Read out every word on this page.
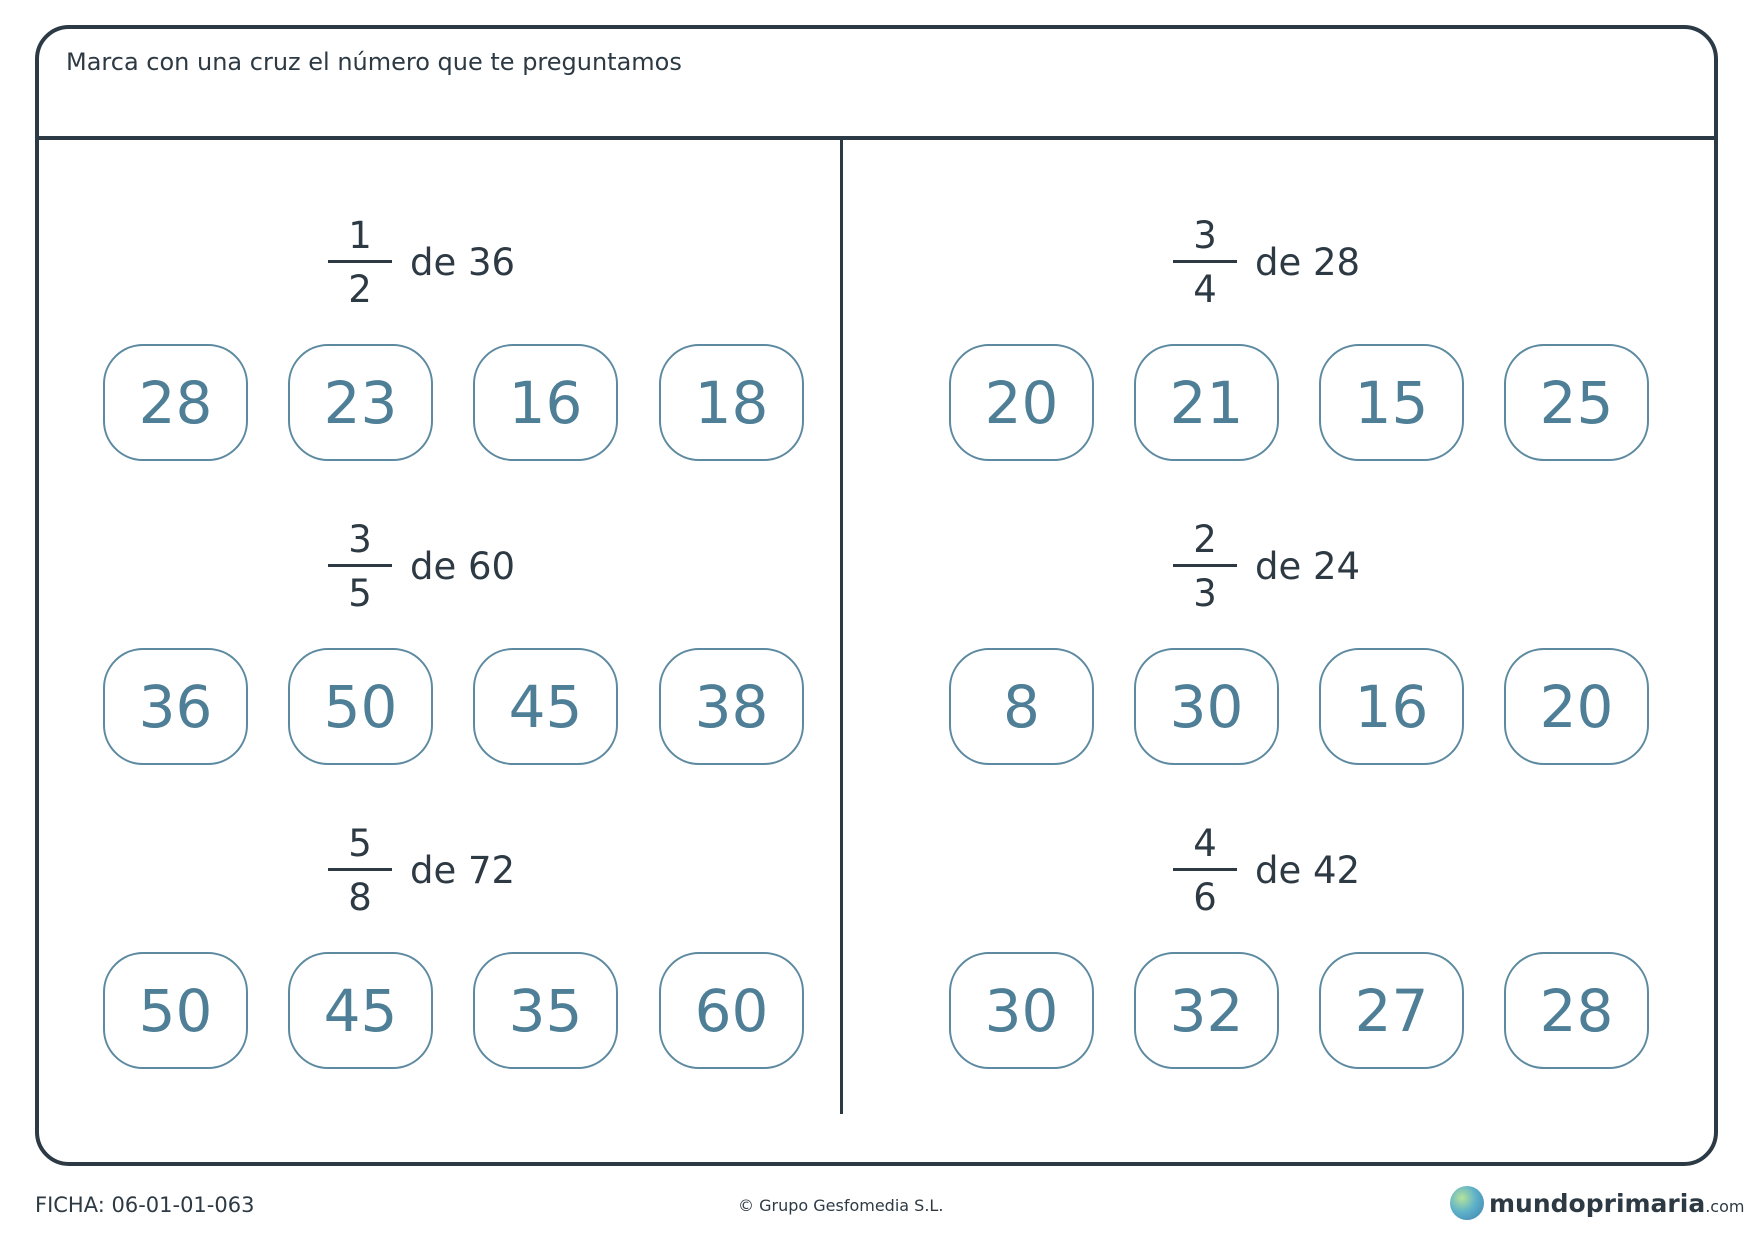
Marca con una cruz el número que te preguntamos
$\frac{1}{2}$ de 36
28	23	16	18
$\frac{3}{5}$ de 60
36	50	45	38
$\frac{5}{8}$ de 72
50	45	35	60
$\frac{3}{4}$ de 28
20	21	15	25
$\frac{2}{3}$ de 24
8	30	16	20
$\frac{4}{6}$ de 42
30	32	27	28
FICHA: 06-01-01-063	© Grupo Gesfomedia S.L.	mundoprimaria .com
